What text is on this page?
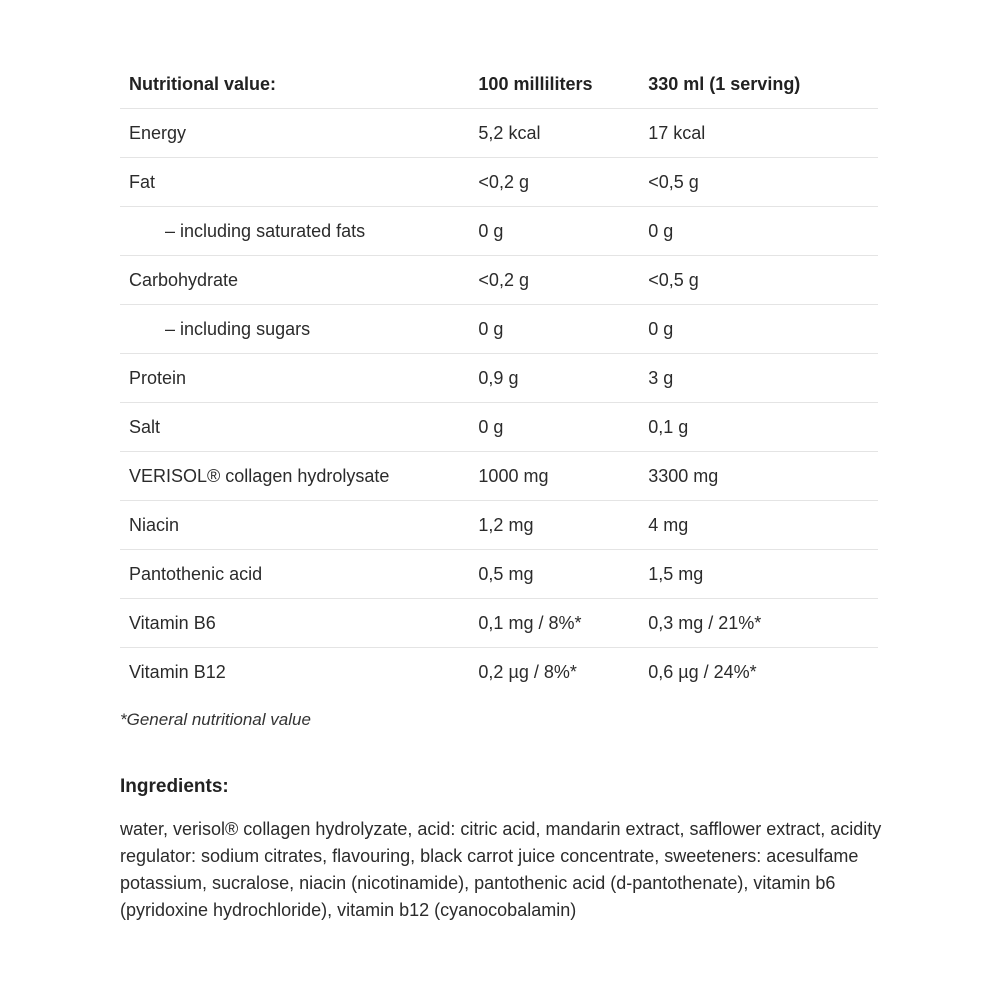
Nutritional value:	100 milliliters	330 ml (1 serving)
Energy	5,2 kcal	17 kcal
Fat	<0,2 g	<0,5 g
– including saturated fats	0 g	0 g
Carbohydrate	<0,2 g	<0,5 g
– including sugars	0 g	0 g
Protein	0,9 g	3 g
Salt	0 g	0,1 g
VERISOL® collagen hydrolysate	1000 mg	3300 mg
Niacin	1,2 mg	4 mg
Pantothenic acid	0,5 mg	1,5 mg
Vitamin B6	0,1 mg / 8%*	0,3 mg / 21%*
Vitamin B12	0,2 µg / 8%*	0,6 µg / 24%*

*General nutritional value

Ingredients:

water, verisol® collagen hydrolyzate, acid: citric acid, mandarin extract, safflower extract, acidity regulator: sodium citrates, flavouring, black carrot juice concentrate, sweeteners: acesulfame potassium, sucralose, niacin (nicotinamide), pantothenic acid (d-pantothenate), vitamin b6 (pyridoxine hydrochloride), vitamin b12 (cyanocobalamin)
